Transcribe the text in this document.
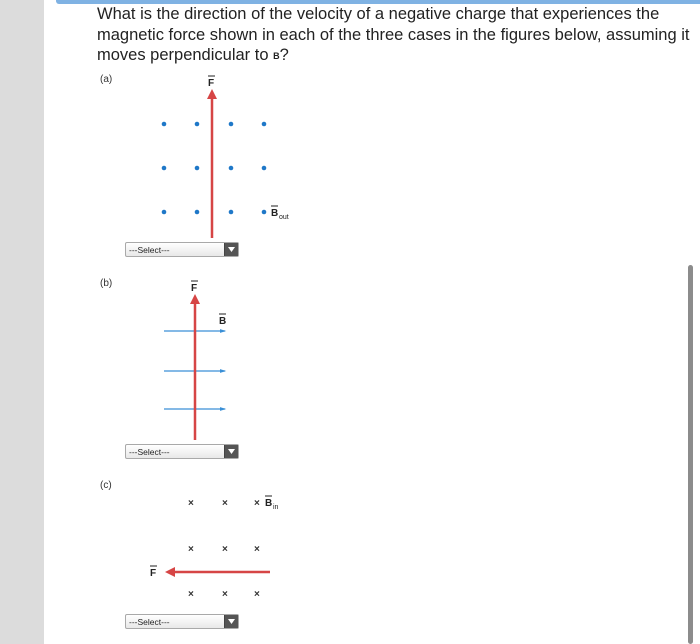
What is the direction of the velocity of a negative charge that experiences the magnetic force shown in each of the three cases in the figures below, assuming it moves perpendicular to B?

(a)
(b)
(c)
F
B out
F
B
×	×	×
×	×	×
×	×	×
F
B in
---Select---
---Select---
---Select---
